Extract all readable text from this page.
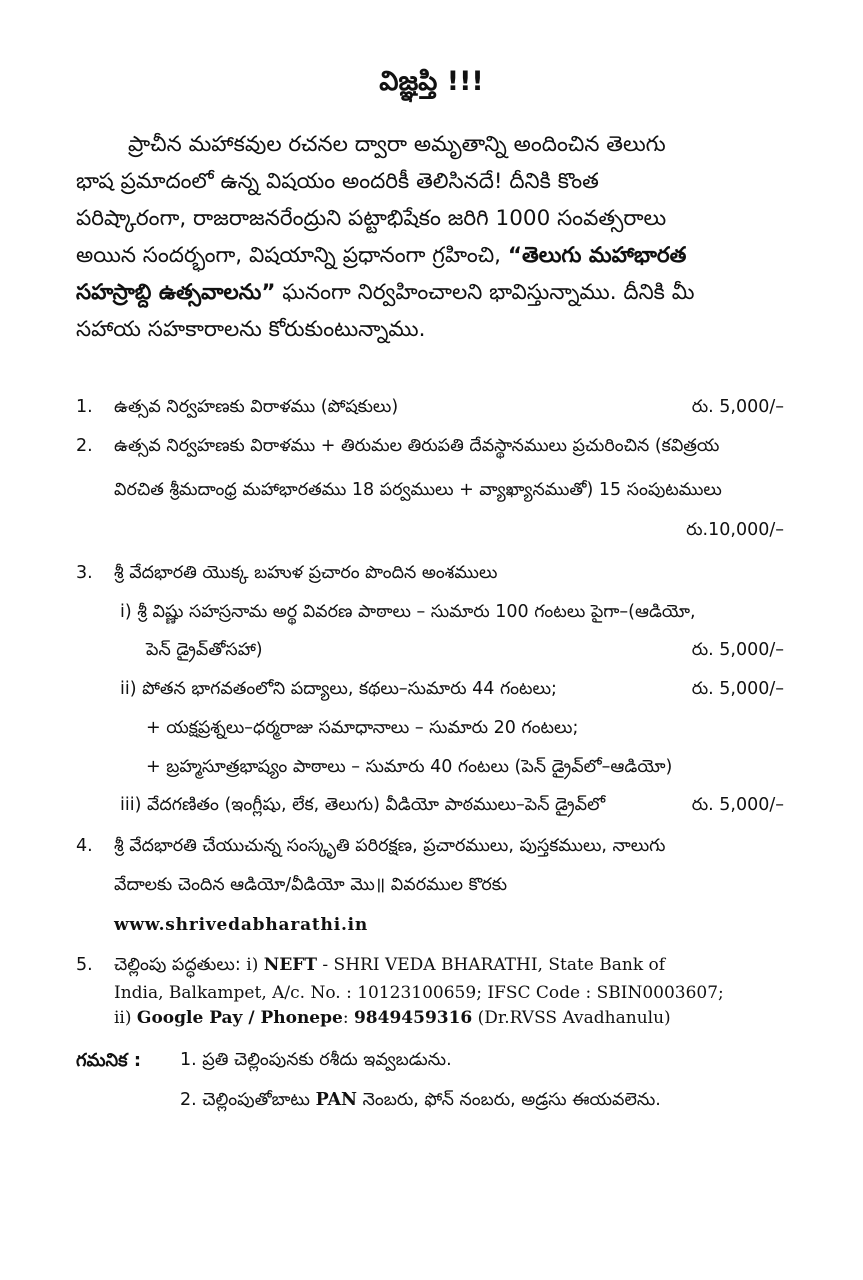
విజ్ఞప్తి !!!

ప్రాచీన మహాకవుల రచనల ద్వారా అమృతాన్ని అందించిన తెలుగు

భాష ప్రమాదంలో ఉన్న విషయం అందరికీ తెలిసినదే! దీనికి కొంత

పరిష్కారంగా, రాజరాజనరేంద్రుని పట్టాభిషేకం జరిగి 1000 సంవత్సరాలు

అయిన సందర్భంగా, విషయాన్ని ప్రధానంగా గ్రహించి, “తెలుగు మహాభారత

సహస్రాబ్ది ఉత్సవాలను” ఘనంగా నిర్వహించాలని భావిస్తున్నాము. దీనికి మీ

సహాయ సహకారాలను కోరుకుంటున్నాము.

1. ఉత్సవ నిర్వహణకు విరాళము (పోషకులు)	రు. 5,000/–
2. ఉత్సవ నిర్వహణకు విరాళము + తిరుమల తిరుపతి దేవస్థానములు ప్రచురించిన (కవిత్రయ
విరచిత శ్రీమదాంధ్ర మహాభారతము 18 పర్వములు + వ్యాఖ్యానముతో) 15 సంపుటములు
రు.10,000/–
3. శ్రీ వేదభారతి యొక్క బహుళ ప్రచారం పొందిన అంశములు
i) శ్రీ విష్ణు సహస్రనామ అర్థ వివరణ పాఠాలు – సుమారు 100 గంటలు పైగా–(ఆడియో,
పెన్ డ్రైవ్‌తోసహా)	రు. 5,000/–
ii) పోతన భాగవతంలోని పద్యాలు, కథలు–సుమారు 44 గంటలు;	రు. 5,000/–
+ యక్షప్రశ్నలు–ధర్మరాజు సమాధానాలు – సుమారు 20 గంటలు;
+ బ్రహ్మసూత్రభాష్యం పాఠాలు – సుమారు 40 గంటలు (పెన్ డ్రైవ్‌లో–ఆడియో)
iii) వేదగణితం (ఇంగ్లీషు, లేక, తెలుగు) వీడియో పాఠములు–పెన్ డ్రైవ్‌లో	రు. 5,000/–
4. శ్రీ వేదభారతి చేయుచున్న సంస్కృతి పరిరక్షణ, ప్రచారములు, పుస్తకములు, నాలుగు
వేదాలకు చెందిన ఆడియో/వీడియో మొ॥ వివరముల కొరకు
www.shrivedabharathi.in
5. చెల్లింపు పద్ధతులు: i) NEFT - SHRI VEDA BHARATHI, State Bank of
India, Balkampet, A/c. No. : 10123100659; IFSC Code : SBIN0003607;
ii) Google Pay / Phonepe: 9849459316 (Dr.RVSS Avadhanulu)
గమనిక : 1. ప్రతి చెల్లింపునకు రశీదు ఇవ్వబడును.
2. చెల్లింపుతోబాటు PAN నెంబరు, ఫోన్ నంబరు, అడ్రసు ఈయవలెను.
